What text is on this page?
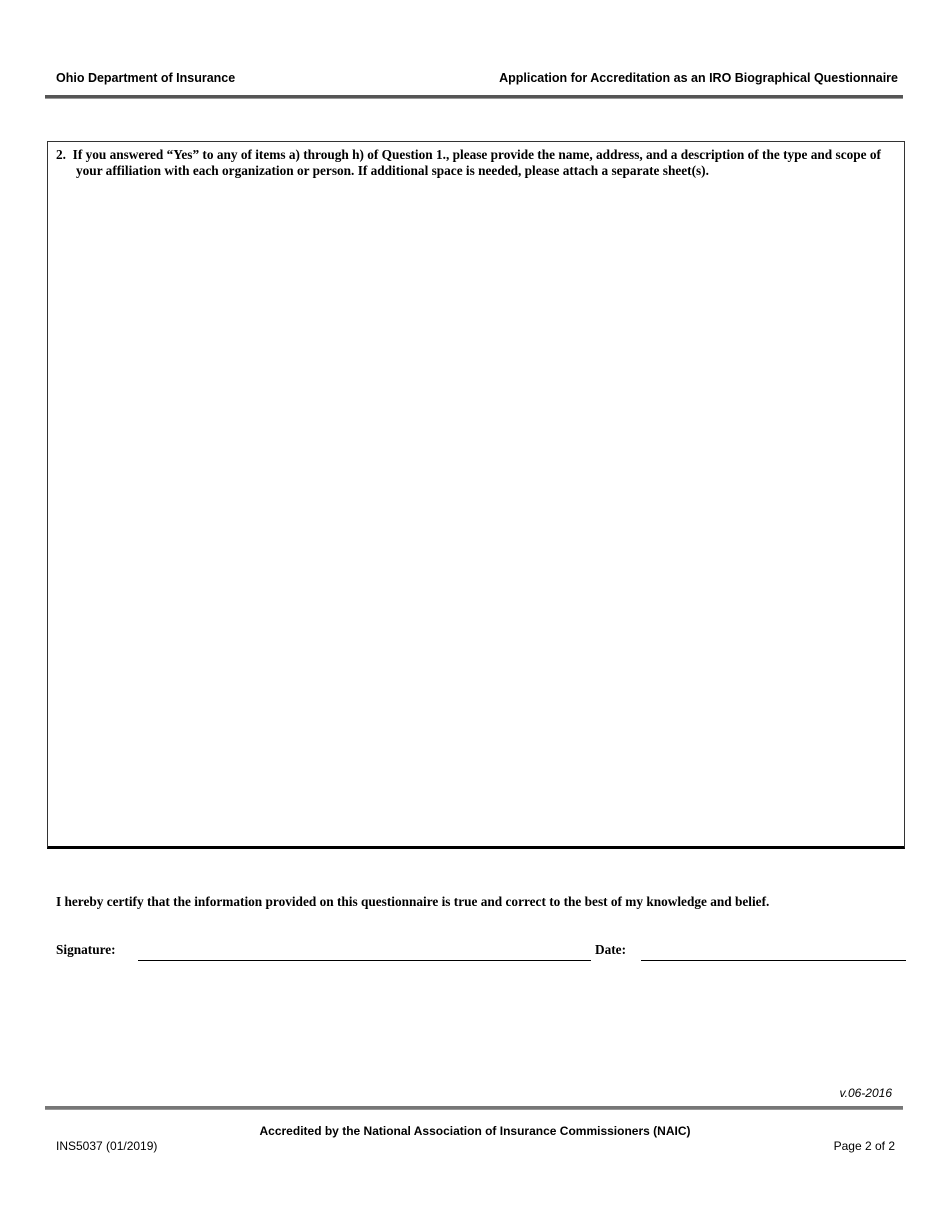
Ohio Department of Insurance	Application for Accreditation as an IRO Biographical Questionnaire
2. If you answered “Yes” to any of items a) through h) of Question 1., please provide the name, address, and a description of the type and scope of your affiliation with each organization or person. If additional space is needed, please attach a separate sheet(s).
I hereby certify that the information provided on this questionnaire is true and correct to the best of my knowledge and belief.
Signature:	Date:
v.06-2016
Accredited by the National Association of Insurance Commissioners (NAIC)
INS5037 (01/2019)	Page 2 of 2
